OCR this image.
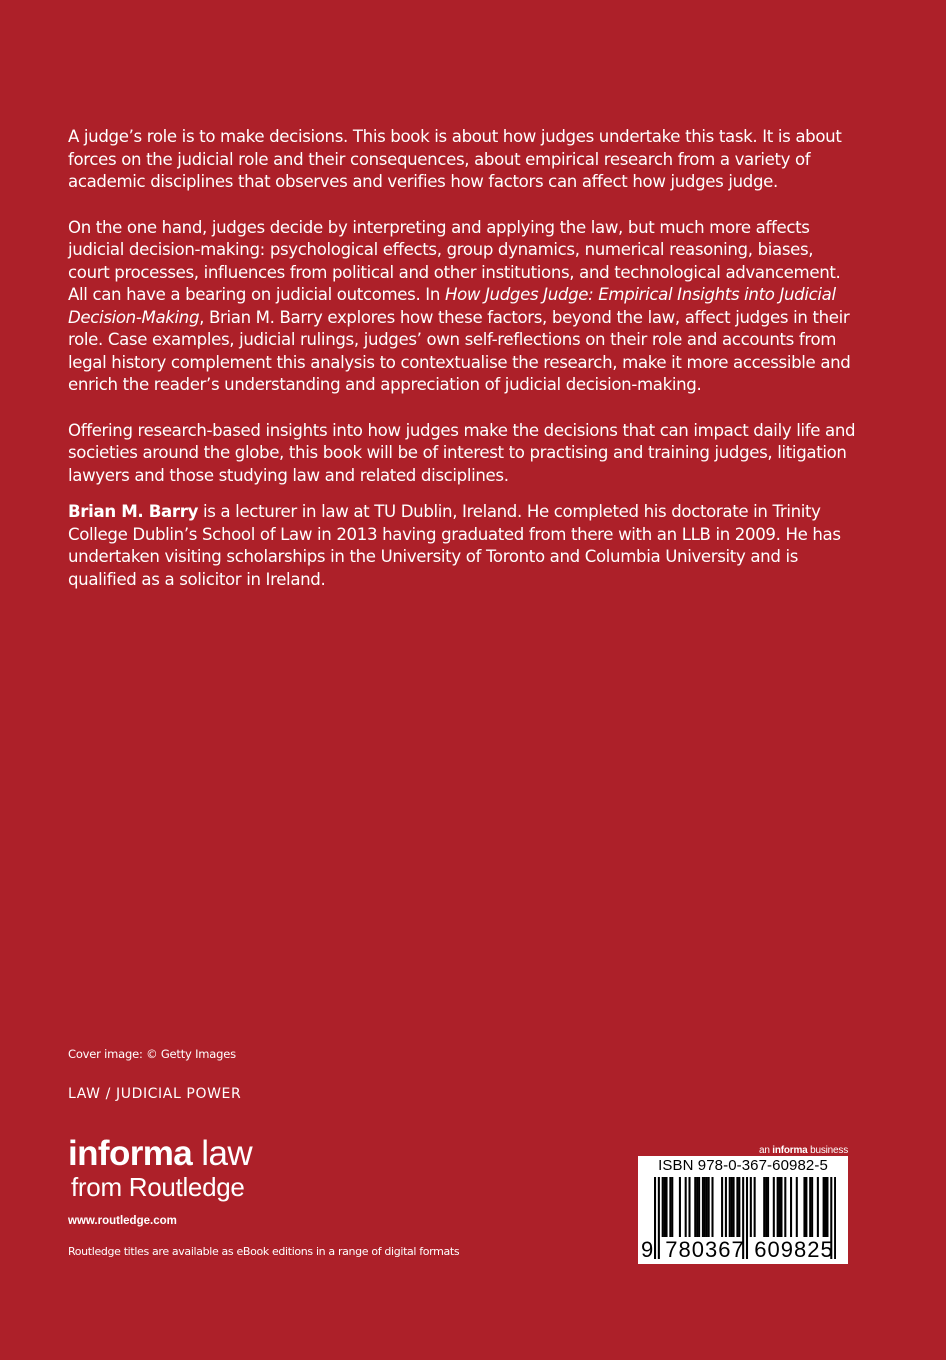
A judge’s role is to make decisions. This book is about how judges undertake this task. It is about forces on the judicial role and their consequences, about empirical research from a variety of academic disciplines that observes and verifies how factors can affect how judges judge.

On the one hand, judges decide by interpreting and applying the law, but much more affects judicial decision-making: psychological effects, group dynamics, numerical reasoning, biases, court processes, influences from political and other institutions, and technological advancement. All can have a bearing on judicial outcomes. In How Judges Judge: Empirical Insights into Judicial Decision-Making, Brian M. Barry explores how these factors, beyond the law, affect judges in their role. Case examples, judicial rulings, judges’ own self-reflections on their role and accounts from legal history complement this analysis to contextualise the research, make it more accessible and enrich the reader’s understanding and appreciation of judicial decision-making.

Offering research-based insights into how judges make the decisions that can impact daily life and societies around the globe, this book will be of interest to practising and training judges, litigation lawyers and those studying law and related disciplines.

Brian M. Barry is a lecturer in law at TU Dublin, Ireland. He completed his doctorate in Trinity College Dublin’s School of Law in 2013 having graduated from there with an LLB in 2009. He has undertaken visiting scholarships in the University of Toronto and Columbia University and is qualified as a solicitor in Ireland.

Cover image: © Getty Images
LAW / JUDICIAL POWER
informa law
from Routledge
www.routledge.com
Routledge titles are available as eBook editions in a range of digital formats
an informa business
ISBN 978-0-367-60982-5
9 780367 609825
